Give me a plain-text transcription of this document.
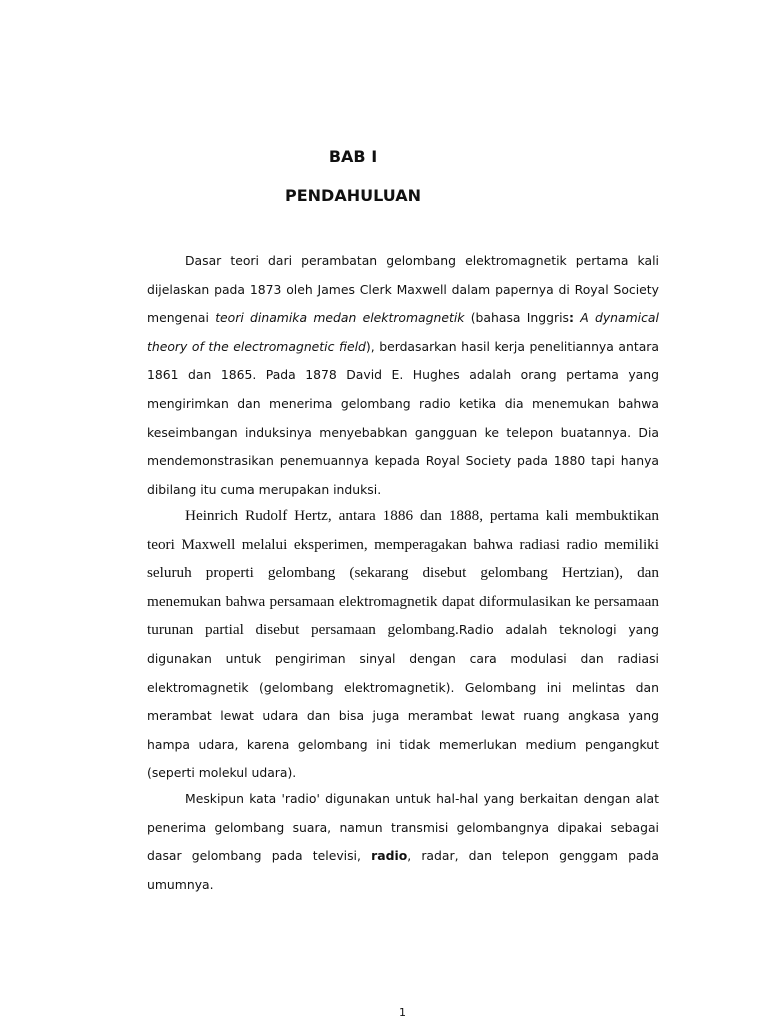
BAB I
PENDAHULUAN

Dasar teori dari perambatan gelombang elektromagnetik pertama kali dijelaskan pada 1873 oleh James Clerk Maxwell dalam papernya di Royal Society mengenai teori dinamika medan elektromagnetik (bahasa Inggris: A dynamical theory of the electromagnetic field), berdasarkan hasil kerja penelitiannya antara 1861 dan 1865. Pada 1878 David E. Hughes adalah orang pertama yang mengirimkan dan menerima gelombang radio ketika dia menemukan bahwa keseimbangan induksinya menyebabkan gangguan ke telepon buatannya. Dia mendemonstrasikan penemuannya kepada Royal Society pada 1880 tapi hanya dibilang itu cuma merupakan induksi.

Heinrich Rudolf Hertz, antara 1886 dan 1888, pertama kali membuktikan teori Maxwell melalui eksperimen, memperagakan bahwa radiasi radio memiliki seluruh properti gelombang (sekarang disebut gelombang Hertzian), dan menemukan bahwa persamaan elektromagnetik dapat diformulasikan ke persamaan turunan partial disebut persamaan gelombang.Radio adalah teknologi yang digunakan untuk pengiriman sinyal dengan cara modulasi dan radiasi elektromagnetik (gelombang elektromagnetik). Gelombang ini melintas dan merambat lewat udara dan bisa juga merambat lewat ruang angkasa yang hampa udara, karena gelombang ini tidak memerlukan medium pengangkut (seperti molekul udara).

Meskipun kata 'radio' digunakan untuk hal-hal yang berkaitan dengan alat penerima gelombang suara, namun transmisi gelombangnya dipakai sebagai dasar gelombang pada televisi, radio, radar, dan telepon genggam pada umumnya.

1
